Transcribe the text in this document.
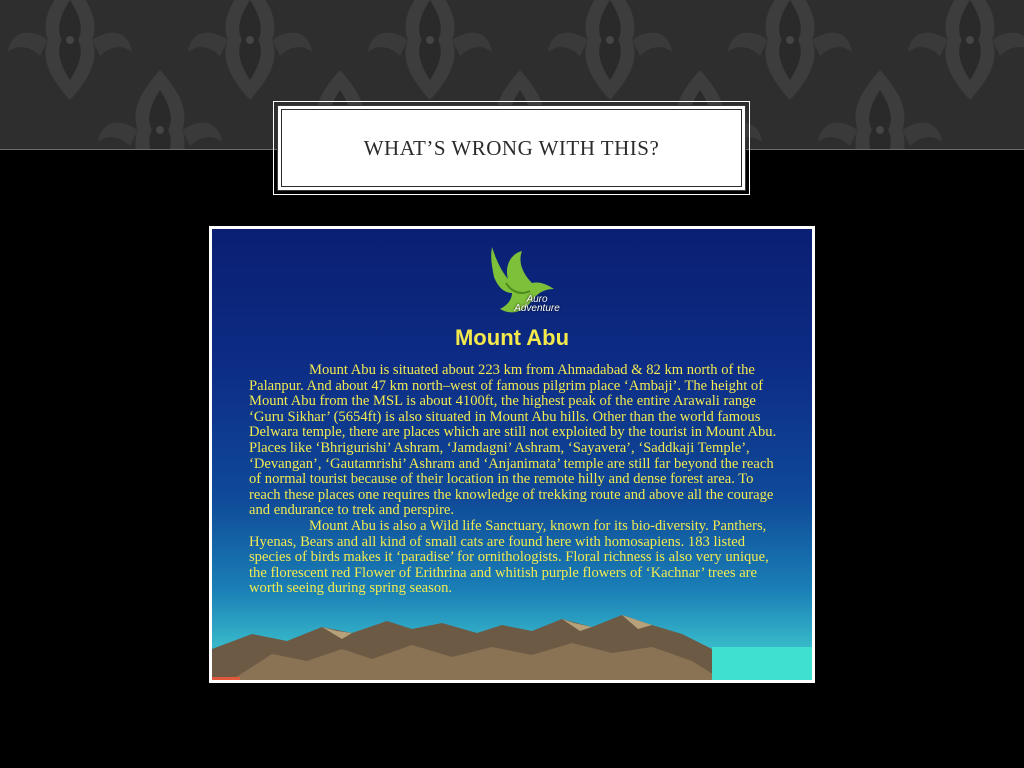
WHAT’S WRONG WITH THIS?
Auro
Adventure
Mount Abu

Mount Abu is situated about 223 km from Ahmadabad & 82 km north of the Palanpur. And about 47 km north–west of famous pilgrim place ‘Ambaji’. The height of Mount Abu from the MSL is about 4100ft, the highest peak of the entire Arawali range ‘Guru Sikhar’ (5654ft) is also situated in Mount Abu hills. Other than the world famous Delwara temple, there are places which are still not exploited by the tourist in Mount Abu. Places like ‘Bhrigurishi’ Ashram, ‘Jamdagni’ Ashram, ‘Sayavera’, ‘Saddkaji Temple’, ‘Devangan’, ‘Gautamrishi’ Ashram and ‘Anjanimata’ temple are still far beyond the reach of normal tourist because of their location in the remote hilly and dense forest area. To reach these places one requires the knowledge of trekking route and above all the courage and endurance to trek and perspire.

Mount Abu is also a Wild life Sanctuary, known for its bio-diversity. Panthers, Hyenas, Bears and all kind of small cats are found here with homosapiens. 183 listed species of birds makes it ‘paradise’ for ornithologists. Floral richness is also very unique, the florescent red Flower of Erithrina and whitish purple flowers of ‘Kachnar’ trees are worth seeing during spring season.
